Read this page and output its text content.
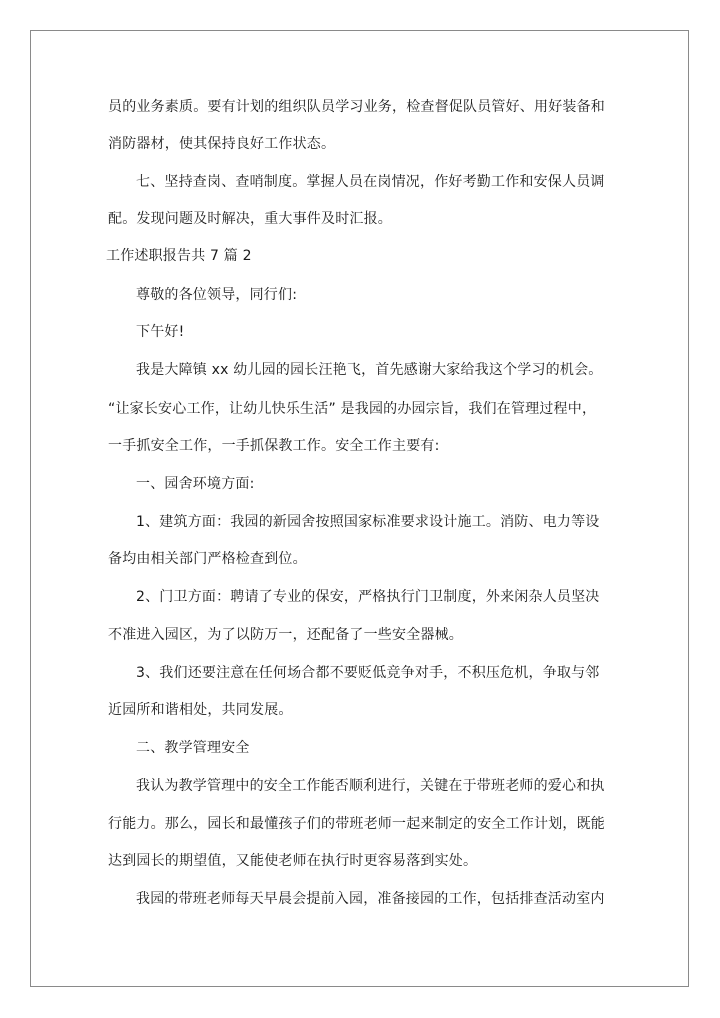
员的业务素质。要有计划的组织队员学习业务，检查督促队员管好、用好装备和
消防器材，使其保持良好工作状态。
七、坚持查岗、查哨制度。掌握人员在岗情况，作好考勤工作和安保人员调
配。发现问题及时解决，重大事件及时汇报。
工作述职报告共 7 篇 2
尊敬的各位领导，同行们:
下午好!
我是大障镇 xx 幼儿园的园长汪艳飞，首先感谢大家给我这个学习的机会。
“让家长安心工作，让幼儿快乐生活” 是我园的办园宗旨，我们在管理过程中，
一手抓安全工作，一手抓保教工作。安全工作主要有:
一、园舍环境方面:
1、建筑方面：我园的新园舍按照国家标准要求设计施工。消防、电力等设
备均由相关部门严格检查到位。
2、门卫方面：聘请了专业的保安，严格执行门卫制度，外来闲杂人员坚决
不准进入园区，为了以防万一，还配备了一些安全器械。
3、我们还要注意在任何场合都不要贬低竞争对手，不积压危机，争取与邻
近园所和谐相处，共同发展。
二、教学管理安全
我认为教学管理中的安全工作能否顺利进行，关键在于带班老师的爱心和执
行能力。那么，园长和最懂孩子们的带班老师一起来制定的安全工作计划，既能
达到园长的期望值，又能使老师在执行时更容易落到实处。
我园的带班老师每天早晨会提前入园，准备接园的工作，包括排查活动室内
